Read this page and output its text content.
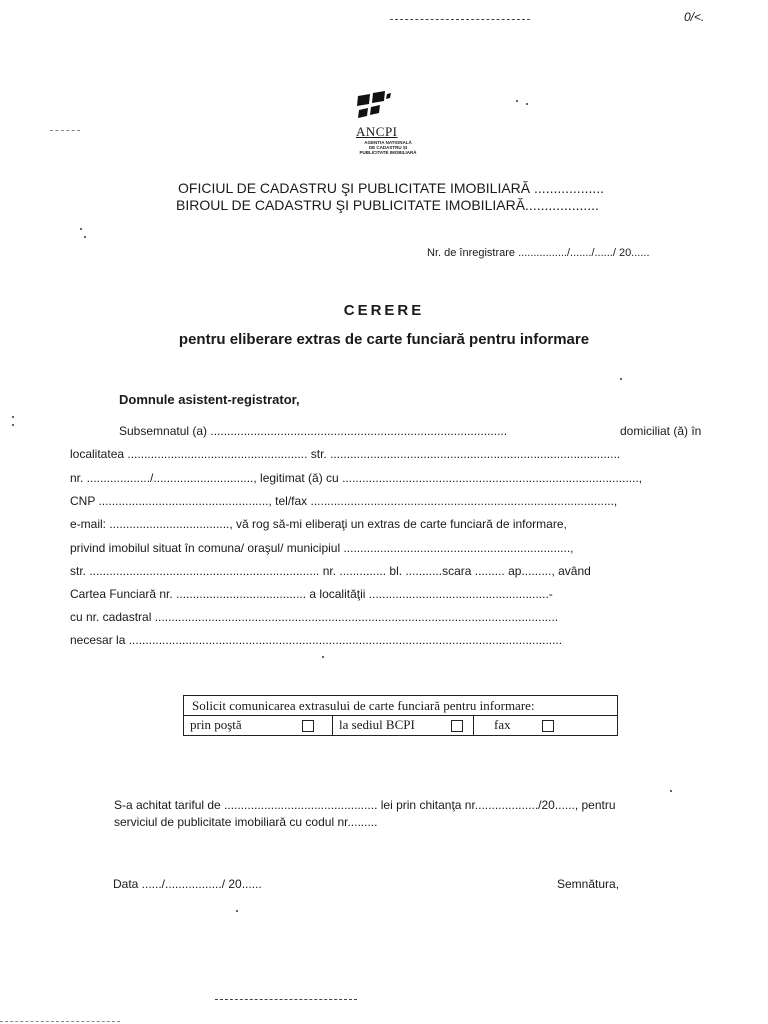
0/<.
ANCPI
AGENTIA NATIONALĂ
DE CADASTRU ȘI
PUBLICITATE IMOBILIARĂ
OFICIUL DE CADASTRU ŞI PUBLICITATE IMOBILIARĂ ..................
BIROUL DE CADASTRU ŞI PUBLICITATE IMOBILIARĂ...................
Nr. de înregistrare ................/......./....../ 20......
CERERE
pentru eliberare extras de carte funciară pentru informare
Domnule asistent-registrator,
Subsemnatul (a) .........................................................................................	domiciliat (ă) în
localitatea ...................................................... str. .......................................................................................
nr. .................../.............................., legitimat (ă) cu .........................................................................................,
CNP ..................................................., tel/fax ...........................................................................................,
e-mail: ...................................., vă rog să-mi eliberaţi un extras de carte funciară de informare,
privind imobilul situat în comuna/ oraşul/ municipiul ....................................................................,
str. ..................................................................... nr. .............. bl. ...........scara ......... ap........., având
Cartea Funciară nr. ....................................... a localităţii ......................................................-
cu nr. cadastral .........................................................................................................................
necesar la ..................................................................................................................................
Solicit comunicarea extrasului de carte funciară pentru informare:
prin poştă	la sediul BCPI	fax
S-a achitat tariful de .............................................. lei prin chitanţa nr.................../20......, pentru
serviciul de publicitate imobiliară cu codul nr.........
Data ....../................./ 20......	Semnătura,
